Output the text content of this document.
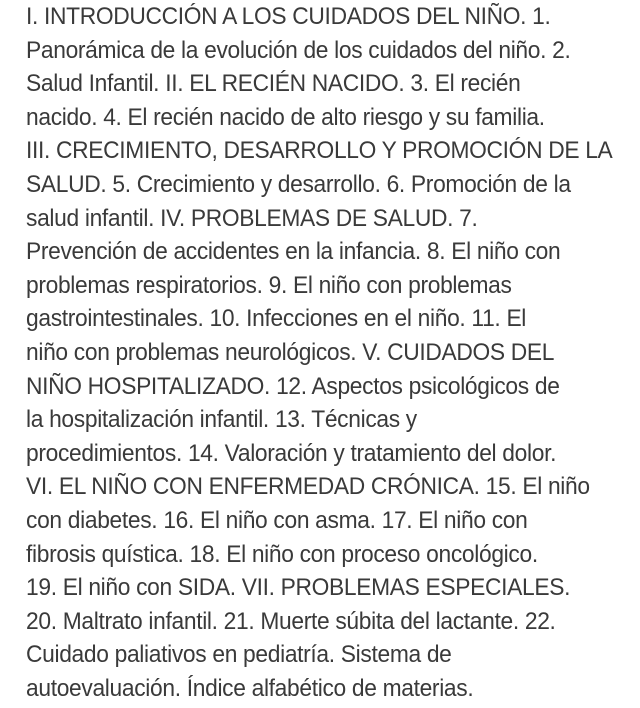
I. INTRODUCCIÓN A LOS CUIDADOS DEL NIÑO. 1.
Panorámica de la evolución de los cuidados del niño. 2.
Salud Infantil. II. EL RECIÉN NACIDO. 3. El recién
nacido. 4. El recién nacido de alto riesgo y su familia.
III. CRECIMIENTO, DESARROLLO Y PROMOCIÓN DE LA
SALUD. 5. Crecimiento y desarrollo. 6. Promoción de la
salud infantil. IV. PROBLEMAS DE SALUD. 7.
Prevención de accidentes en la infancia. 8. El niño con
problemas respiratorios. 9. El niño con problemas
gastrointestinales. 10. Infecciones en el niño. 11. El
niño con problemas neurológicos. V. CUIDADOS DEL
NIÑO HOSPITALIZADO. 12. Aspectos psicológicos de
la hospitalización infantil. 13. Técnicas y
procedimientos. 14. Valoración y tratamiento del dolor.
VI. EL NIÑO CON ENFERMEDAD CRÓNICA. 15. El niño
con diabetes. 16. El niño con asma. 17. El niño con
fibrosis quística. 18. El niño con proceso oncológico.
19. El niño con SIDA. VII. PROBLEMAS ESPECIALES.
20. Maltrato infantil. 21. Muerte súbita del lactante. 22.
Cuidado paliativos en pediatría. Sistema de
autoevaluación. Índice alfabético de materias.
